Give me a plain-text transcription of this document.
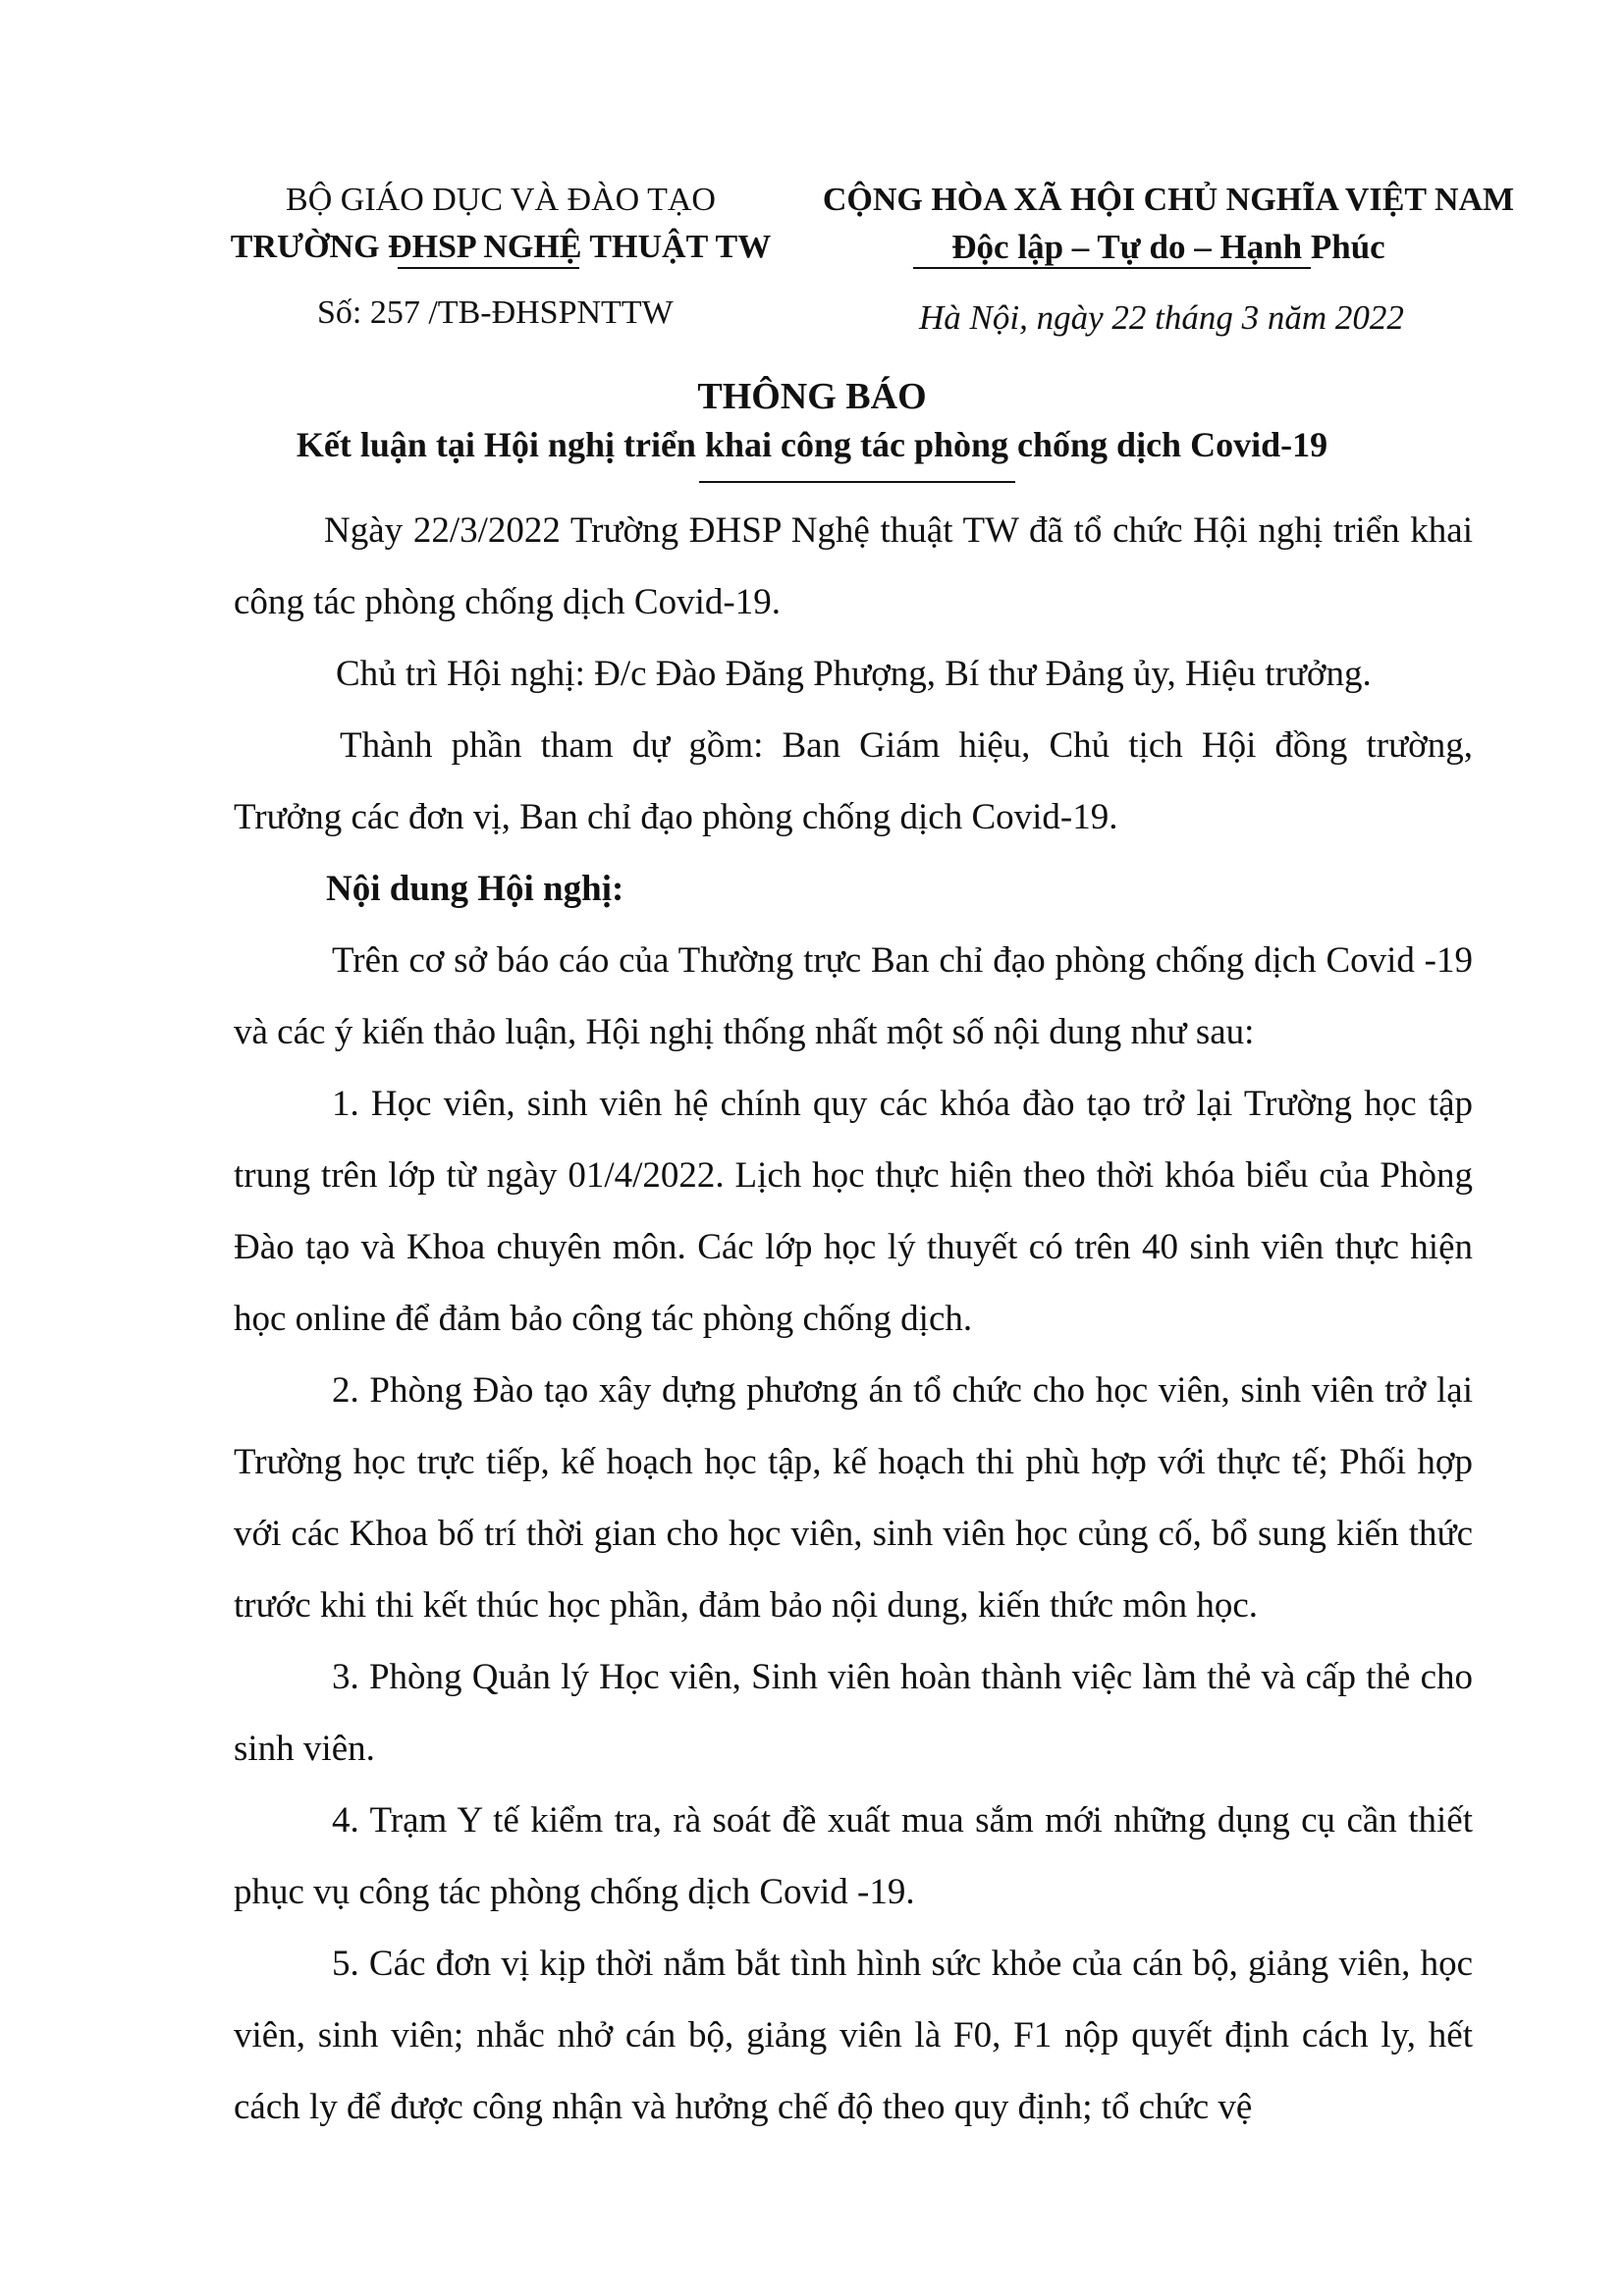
BỘ GIÁO DỤC VÀ ĐÀO TẠO
TRƯỜNG ĐHSP NGHỆ THUẬT TW
CỘNG HÒA XÃ HỘI CHỦ NGHĨA VIỆT NAM
Độc lập – Tự do – Hạnh Phúc
Số: 257 /TB-ĐHSPNTTW	Hà Nội, ngày 22 tháng 3 năm 2022
THÔNG BÁO
Kết luận tại Hội nghị triển khai công tác phòng chống dịch Covid-19

Ngày 22/3/2022 Trường ĐHSP Nghệ thuật TW đã tổ chức Hội nghị triển khai công tác phòng chống dịch Covid-19.

Chủ trì Hội nghị: Đ/c Đào Đăng Phượng, Bí thư Đảng ủy, Hiệu trưởng.

Thành phần tham dự gồm: Ban Giám hiệu, Chủ tịch Hội đồng trường, Trưởng các đơn vị, Ban chỉ đạo phòng chống dịch Covid-19.

Nội dung Hội nghị:

Trên cơ sở báo cáo của Thường trực Ban chỉ đạo phòng chống dịch Covid -19 và các ý kiến thảo luận, Hội nghị thống nhất một số nội dung như sau:

1. Học viên, sinh viên hệ chính quy các khóa đào tạo trở lại Trường học tập trung trên lớp từ ngày 01/4/2022. Lịch học thực hiện theo thời khóa biểu của Phòng Đào tạo và Khoa chuyên môn. Các lớp học lý thuyết có trên 40 sinh viên thực hiện học online để đảm bảo công tác phòng chống dịch.

2. Phòng Đào tạo xây dựng phương án tổ chức cho học viên, sinh viên trở lại Trường học trực tiếp, kế hoạch học tập, kế hoạch thi phù hợp với thực tế; Phối hợp với các Khoa bố trí thời gian cho học viên, sinh viên học củng cố, bổ sung kiến thức trước khi thi kết thúc học phần, đảm bảo nội dung, kiến thức môn học.

3. Phòng Quản lý Học viên, Sinh viên hoàn thành việc làm thẻ và cấp thẻ cho sinh viên.

4. Trạm Y tế kiểm tra, rà soát đề xuất mua sắm mới những dụng cụ cần thiết phục vụ công tác phòng chống dịch Covid -19.

5. Các đơn vị kịp thời nắm bắt tình hình sức khỏe của cán bộ, giảng viên, học viên, sinh viên; nhắc nhở cán bộ, giảng viên là F0, F1 nộp quyết định cách ly, hết cách ly để được công nhận và hưởng chế độ theo quy định; tổ chức vệ
